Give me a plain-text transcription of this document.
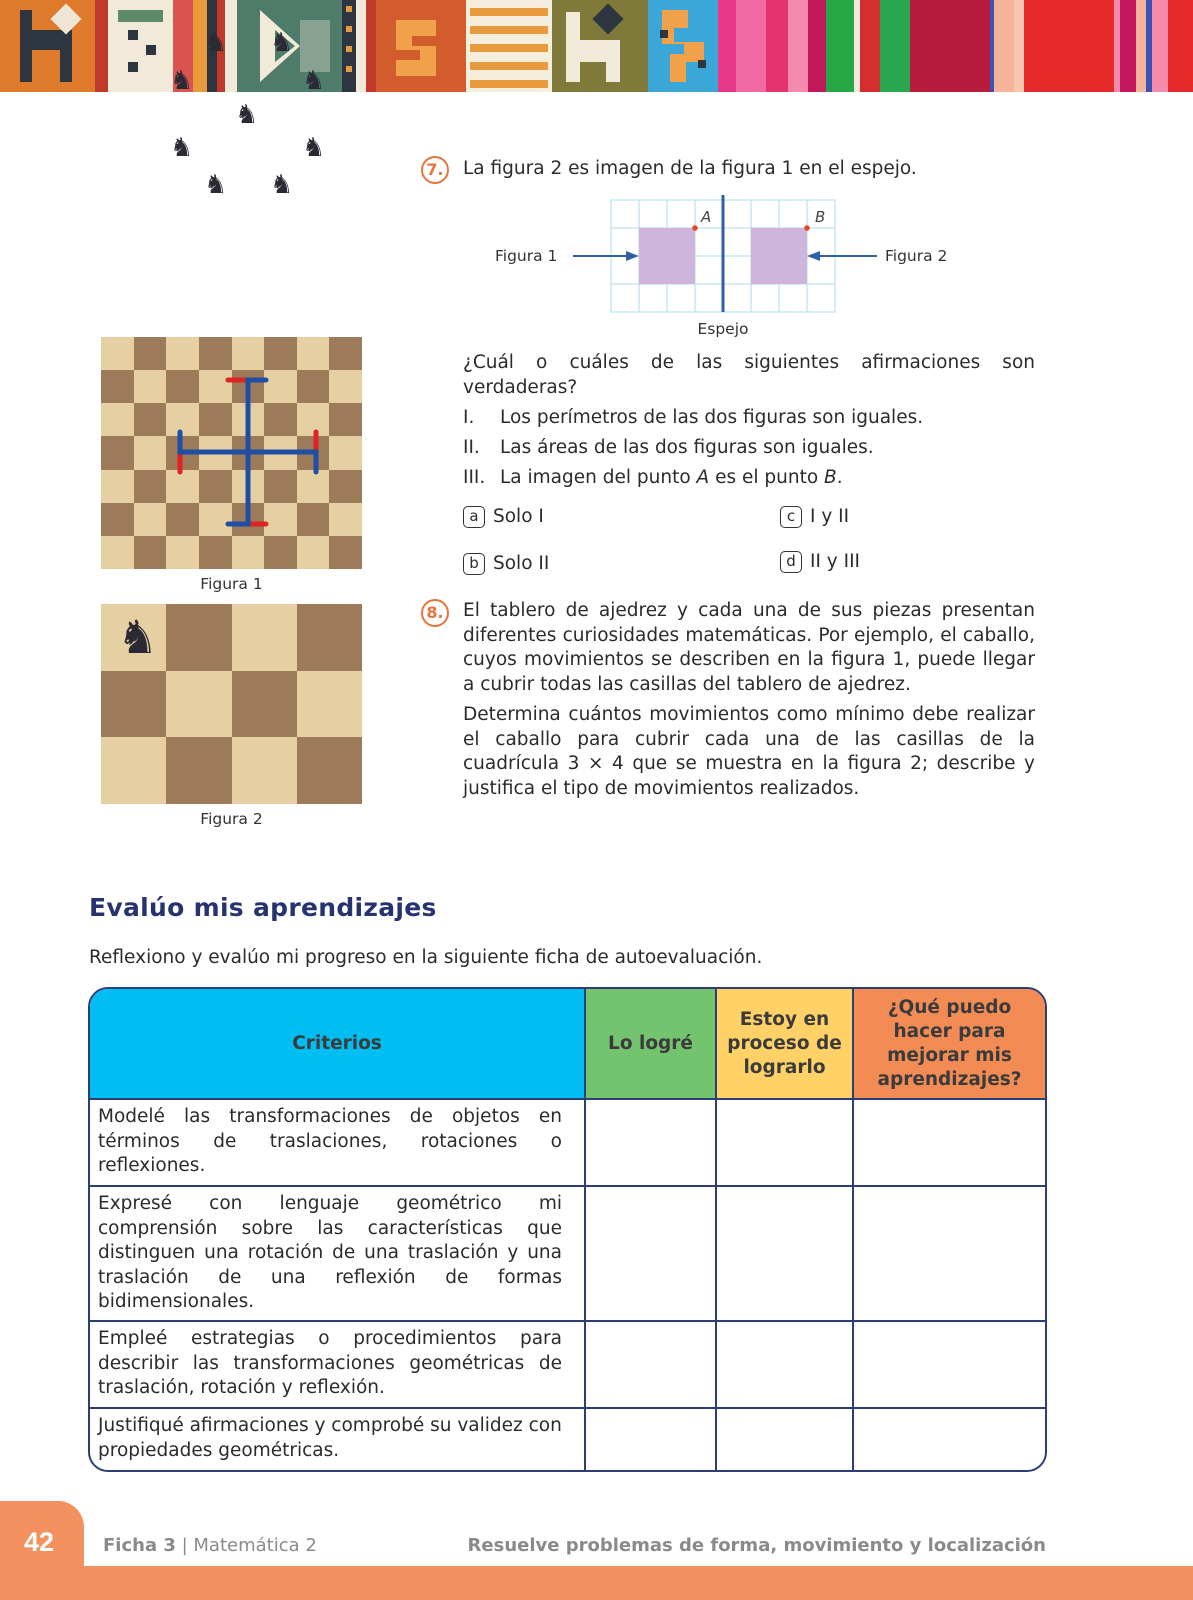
7. La figura 2 es imagen de la figura 1 en el espejo.
A	B
Figura 1	Figura 2
Espejo
¿Cuál o cuáles de las siguientes afirmaciones son verdaderas?
I. Los perímetros de las dos figuras son iguales.
II. Las áreas de las dos figuras son iguales.
III. La imagen del punto A es el punto B.
a Solo I
b Solo II
c I y II
d II y III
8. El tablero de ajedrez y cada una de sus piezas presentan diferentes curiosidades matemáticas. Por ejemplo, el caballo, cuyos movimientos se describen en la figura 1, puede llegar a cubrir todas las casillas del tablero de ajedrez.
Determina cuántos movimientos como mínimo debe realizar el caballo para cubrir cada una de las casillas de la cuadrícula 3 × 4 que se muestra en la figura 2; describe y justifica el tipo de movimientos realizados.
♞
♞ ♞
♞
♞
♞
♞
♞
♞
Figura 1
♞
Figura 2
Evalúo mis aprendizajes
Reflexiono y evalúo mi progreso en la siguiente ficha de autoevaluación.
Criterios	Lo logré	Estoy en proceso de lograrlo	¿Qué puedo hacer para mejorar mis aprendizajes?
Modelé las transformaciones de objetos en términos de traslaciones, rotaciones o reflexiones.			
Expresé con lenguaje geométrico mi comprensión sobre las características que distinguen una rotación de una traslación y una traslación de una reflexión de formas bidimensionales.			
Empleé estrategias o procedimientos para describir las transformaciones geométricas de traslación, rotación y reflexión.			
Justifiqué afirmaciones y comprobé su validez con propiedades geométricas.			
42	Ficha 3 | Matemática 2	Resuelve problemas de forma, movimiento y localización
